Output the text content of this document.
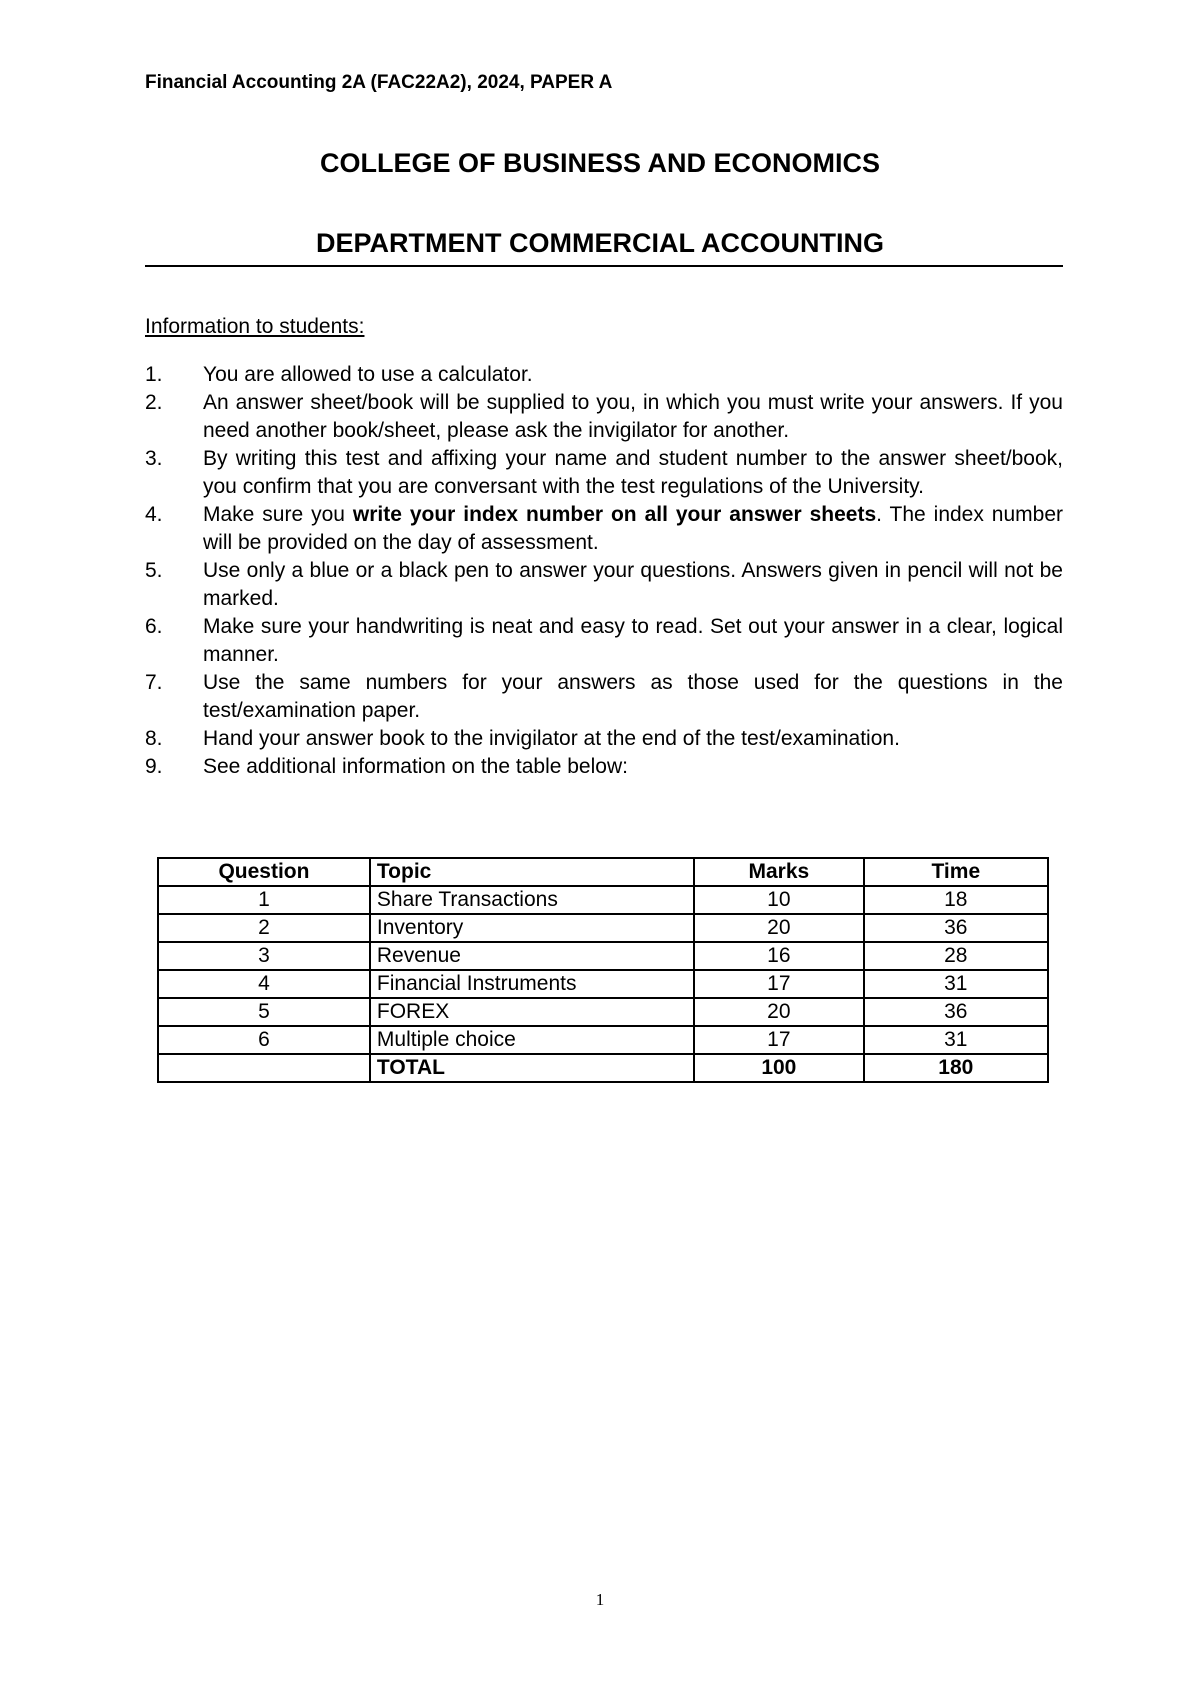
Financial Accounting 2A (FAC22A2), 2024, PAPER A
COLLEGE OF BUSINESS AND ECONOMICS
DEPARTMENT COMMERCIAL ACCOUNTING
Information to students:
1.	You are allowed to use a calculator.
2.	An answer sheet/book will be supplied to you, in which you must write your answers. If you need another book/sheet, please ask the invigilator for another.
3.	By writing this test and affixing your name and student number to the answer sheet/book, you confirm that you are conversant with the test regulations of the University.
4.	Make sure you write your index number on all your answer sheets. The index number will be provided on the day of assessment.
5.	Use only a blue or a black pen to answer your questions. Answers given in pencil will not be marked.
6.	Make sure your handwriting is neat and easy to read. Set out your answer in a clear, logical manner.
7.	Use the same numbers for your answers as those used for the questions in the test/examination paper.
8.	Hand your answer book to the invigilator at the end of the test/examination.
9.	See additional information on the table below:
Question	Topic	Marks	Time
1	Share Transactions	10	18
2	Inventory	20	36
3	Revenue	16	28
4	Financial Instruments	17	31
5	FOREX	20	36
6	Multiple choice	17	31
	TOTAL	100	180
1
